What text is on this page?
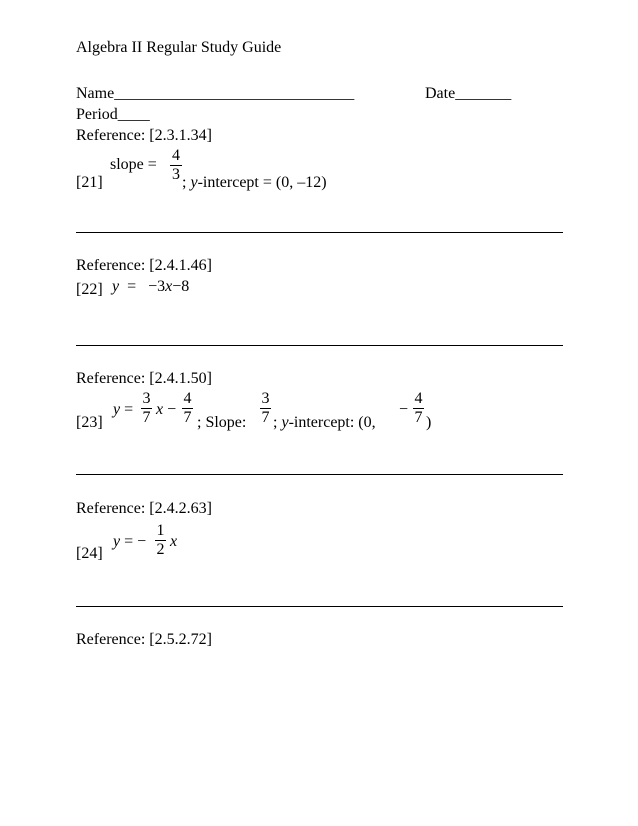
Algebra II Regular Study Guide
Name______________________________	Date_______
Period____
Reference: [2.3.1.34]
slope =
4
3
[21]	; y-intercept = (0, –12)
Reference: [2.4.1.46]
[22] y = −3x−8
Reference: [2.4.1.50]
[23]
y =
3
7 x −
4
7 ; Slope:
3
7 ; y-intercept: (0,
−
4
7 )
Reference: [2.4.2.63]
y = −
1
2 x
[24]
Reference: [2.5.2.72]
